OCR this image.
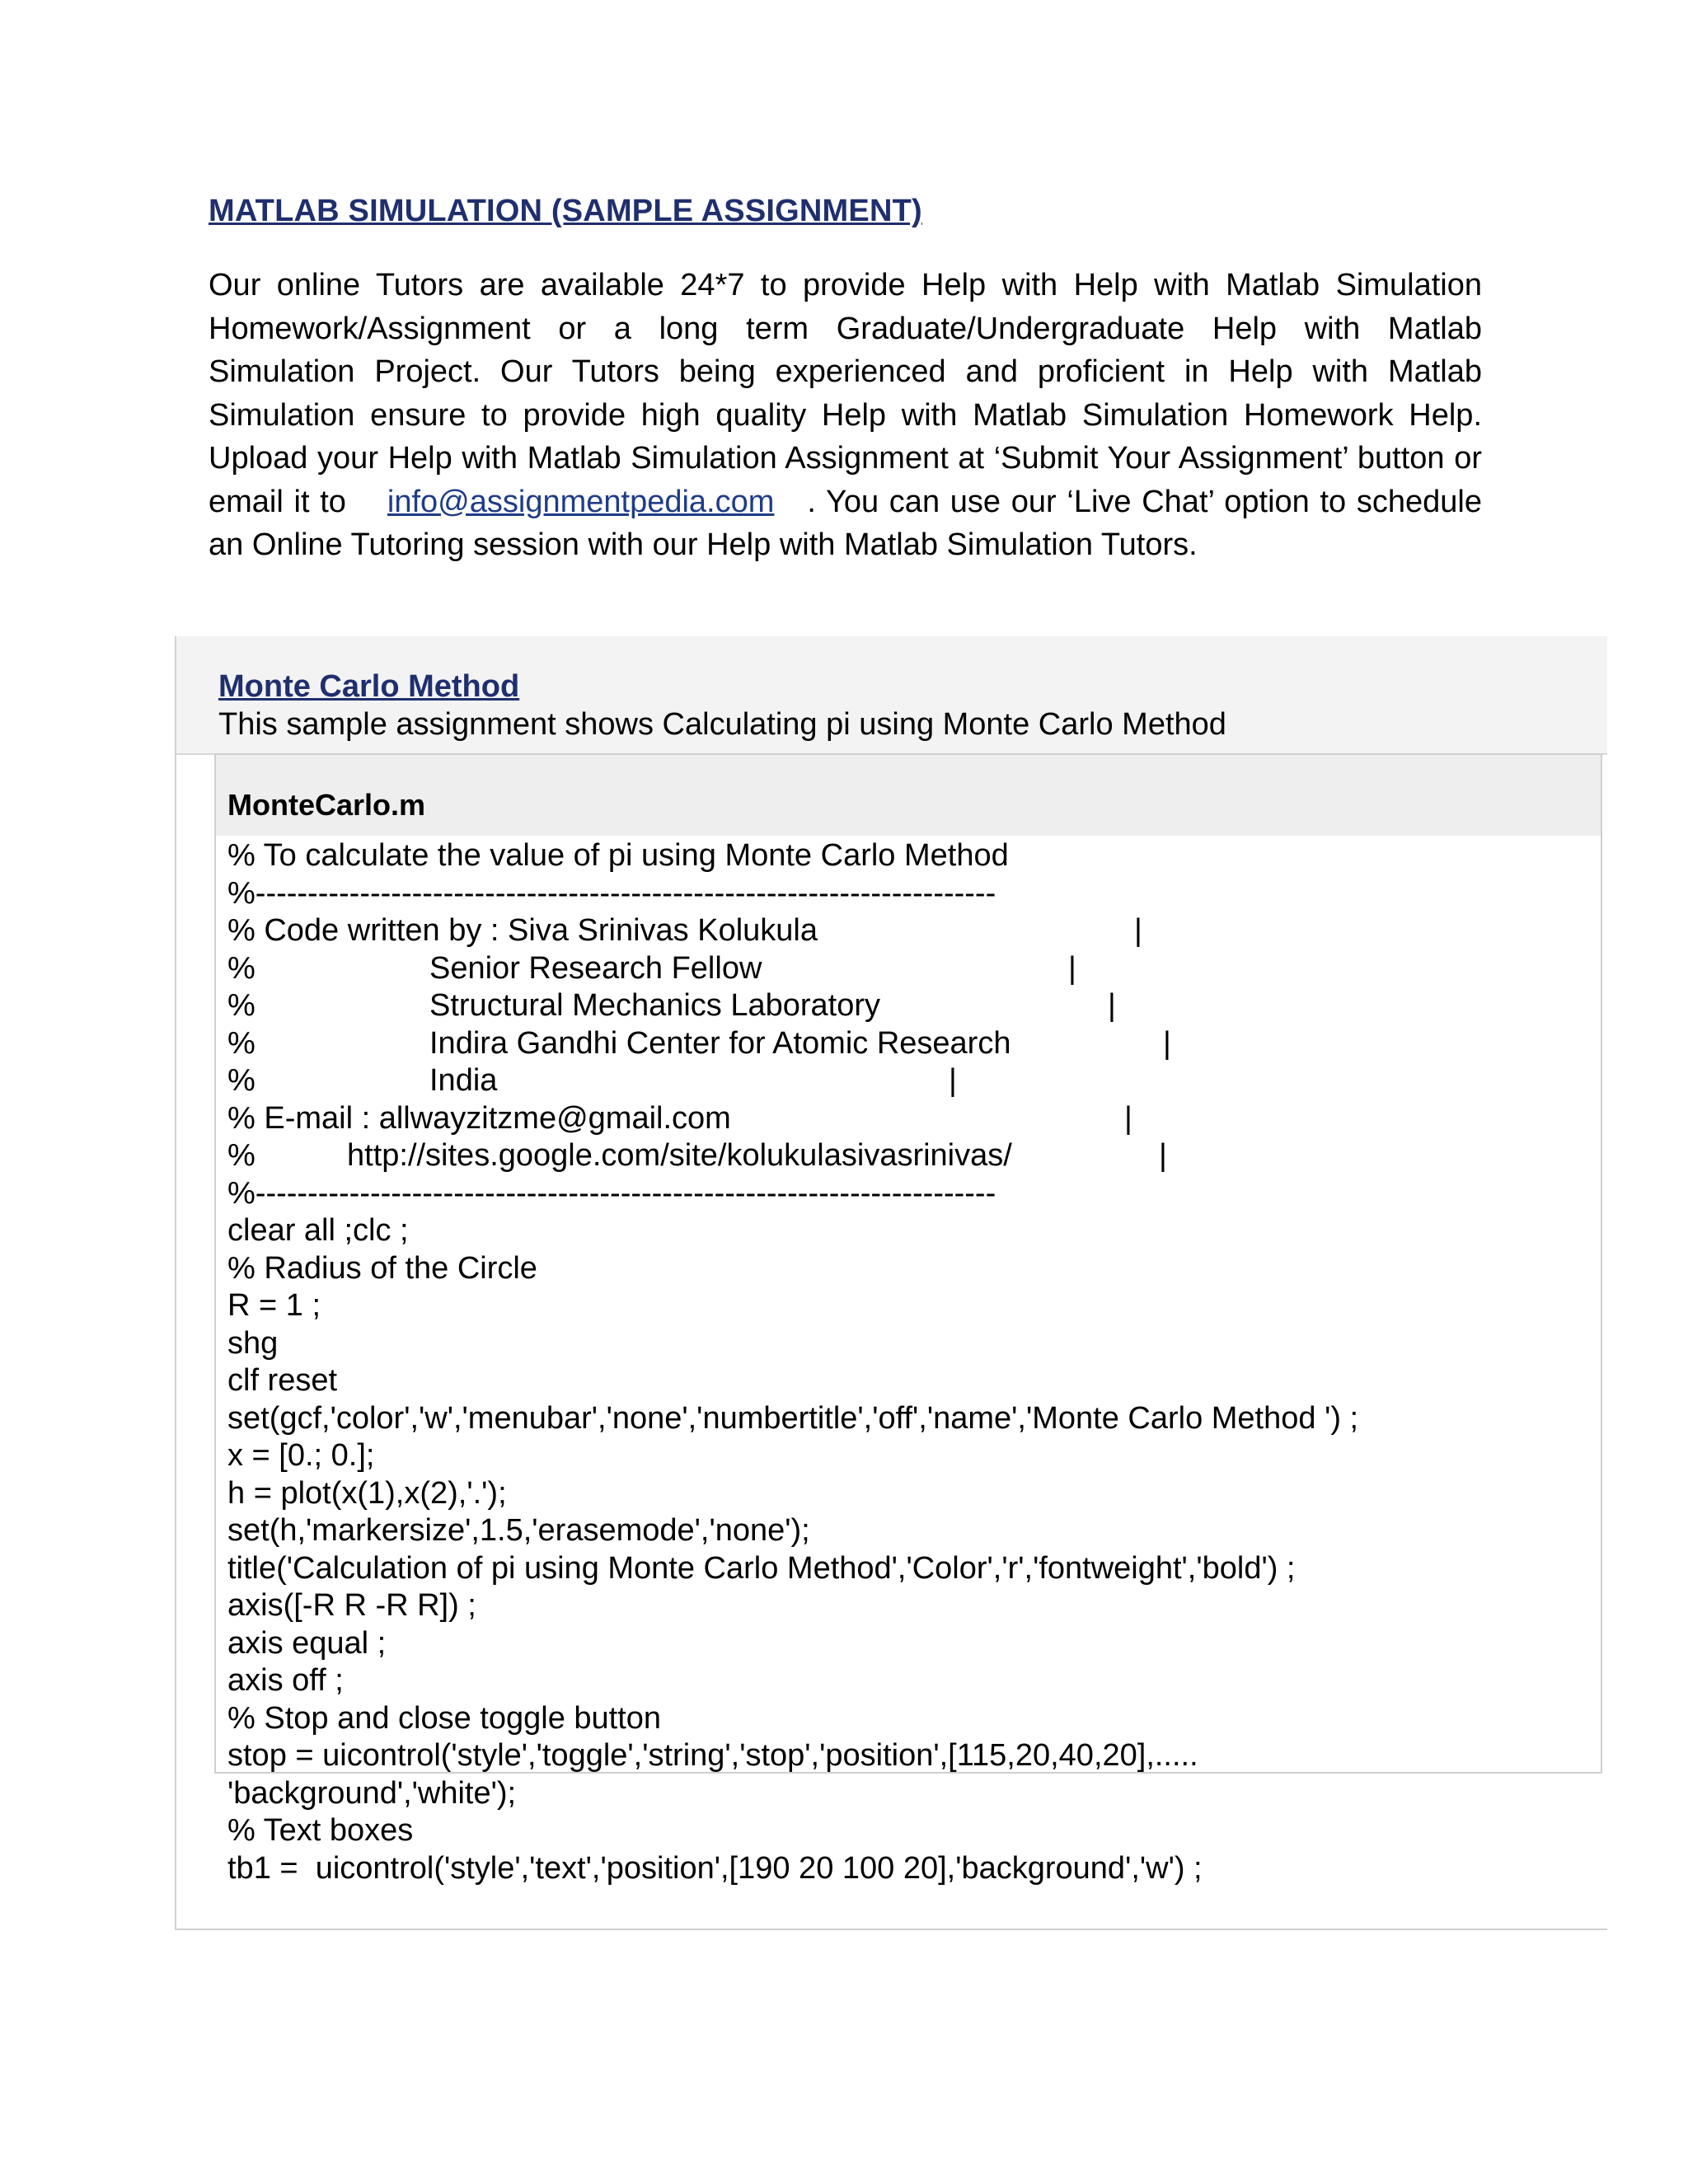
MATLAB SIMULATION (SAMPLE ASSIGNMENT)
Our online Tutors are available 24*7 to provide Help with Help with Matlab Simulation Homework/Assignment or a long term Graduate/Undergraduate Help with Matlab Simulation Project. Our Tutors being experienced and proficient in Help with Matlab Simulation ensure to provide high quality Help with Matlab Simulation Homework Help. Upload your Help with Matlab Simulation Assignment at ‘Submit Your Assignment’ button or email it to info@assignmentpedia.com . You can use our ‘Live Chat’ option to schedule an Online Tutoring session with our Help with Matlab Simulation Tutors.
Monte Carlo Method
This sample assignment shows Calculating pi using Monte Carlo Method
MonteCarlo.m
% To calculate the value of pi using Monte Carlo Method
%-----------------------------------------------------------------------

% Code written by : Siva Srinivas Kolukula

	|

%

	Senior Research Fellow

	|

%

	Structural Mechanics Laboratory

	|

%

	Indira Gandhi Center for Atomic Research

	|

%

	India

	|

% E-mail : allwayzitzme@gmail.com

	|

%

	http://sites.google.com/site/kolukulasivasrinivas/

	|

%-----------------------------------------------------------------------
clear all ;clc ;
% Radius of the Circle
R = 1 ;
shg
clf reset
set(gcf,'color','w','menubar','none','numbertitle','off','name','Monte Carlo Method ') ;
x = [0.; 0.];
h = plot(x(1),x(2),'.');
set(h,'markersize',1.5,'erasemode','none');
title('Calculation of pi using Monte Carlo Method','Color','r','fontweight','bold') ;
axis([-R R -R R]) ;
axis equal ;
axis off ;
% Stop and close toggle button
stop = uicontrol('style','toggle','string','stop','position',[115,20,40,20],.....
'background','white');
% Text boxes
tb1 =  uicontrol('style','text','position',[190 20 100 20],'background','w') ;
